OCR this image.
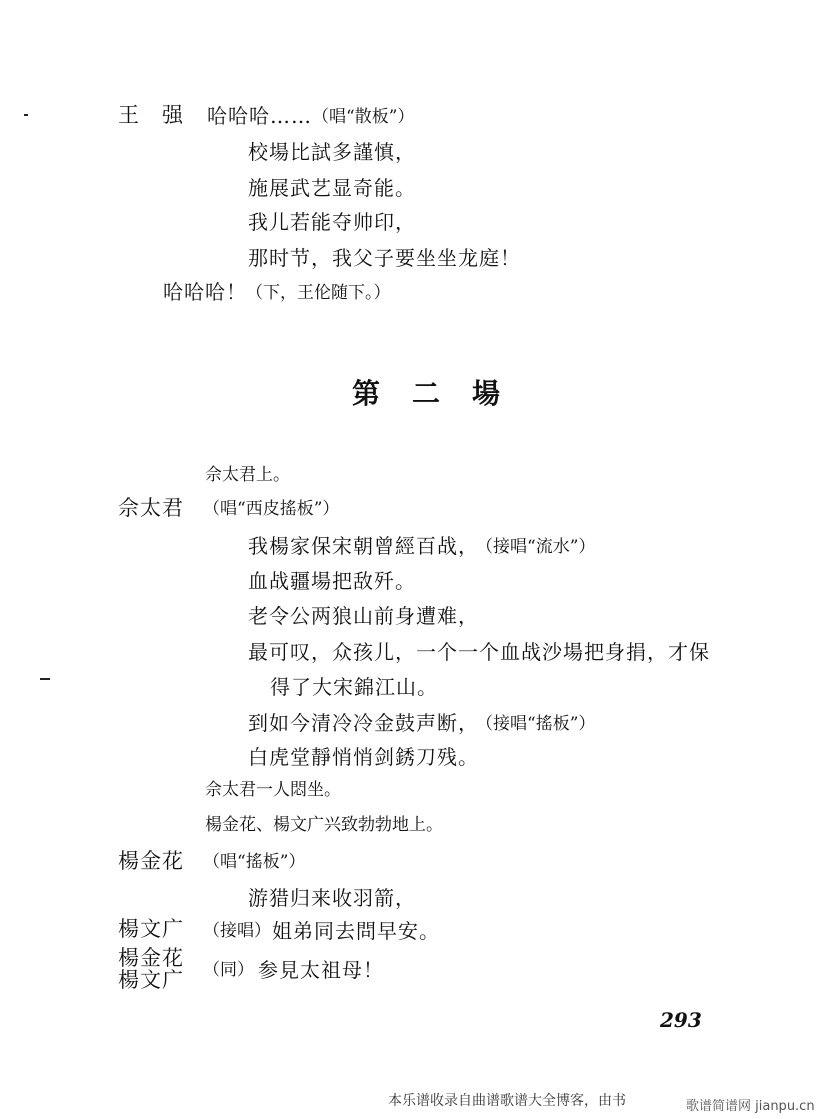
王　强 哈哈哈…… （唱“散板”）
校場比試多謹慎，
施展武艺显奇能。
我儿若能夺帅印，
那时节，我父子要坐坐龙庭！
哈哈哈！ （下，王伦随下。）
第　二　場
佘太君上。
佘太君 （唱“西皮搖板”）
我楊家保宋朝曾經百战，
（接唱“流水”）
血战疆場把敌歼。
老令公两狼山前身遭难，
最可叹，众孩儿，一个一个血战沙場把身捐，才保
得了大宋錦江山。
到如今清冷冷金鼓声断，
（接唱“搖板”）
白虎堂靜悄悄剑銹刀残。
佘太君一人悶坐。
楊金花、楊文广兴致勃勃地上。
楊金花 （唱“搖板”）
游猎归来收羽箭，
楊文广 （接唱） 姐弟同去問早安。
楊金花
楊文广 （同） 参見太祖母！
293
本乐谱收录自曲谱歌谱大全博客，由书	歌谱简谱网 jianpu.cn
